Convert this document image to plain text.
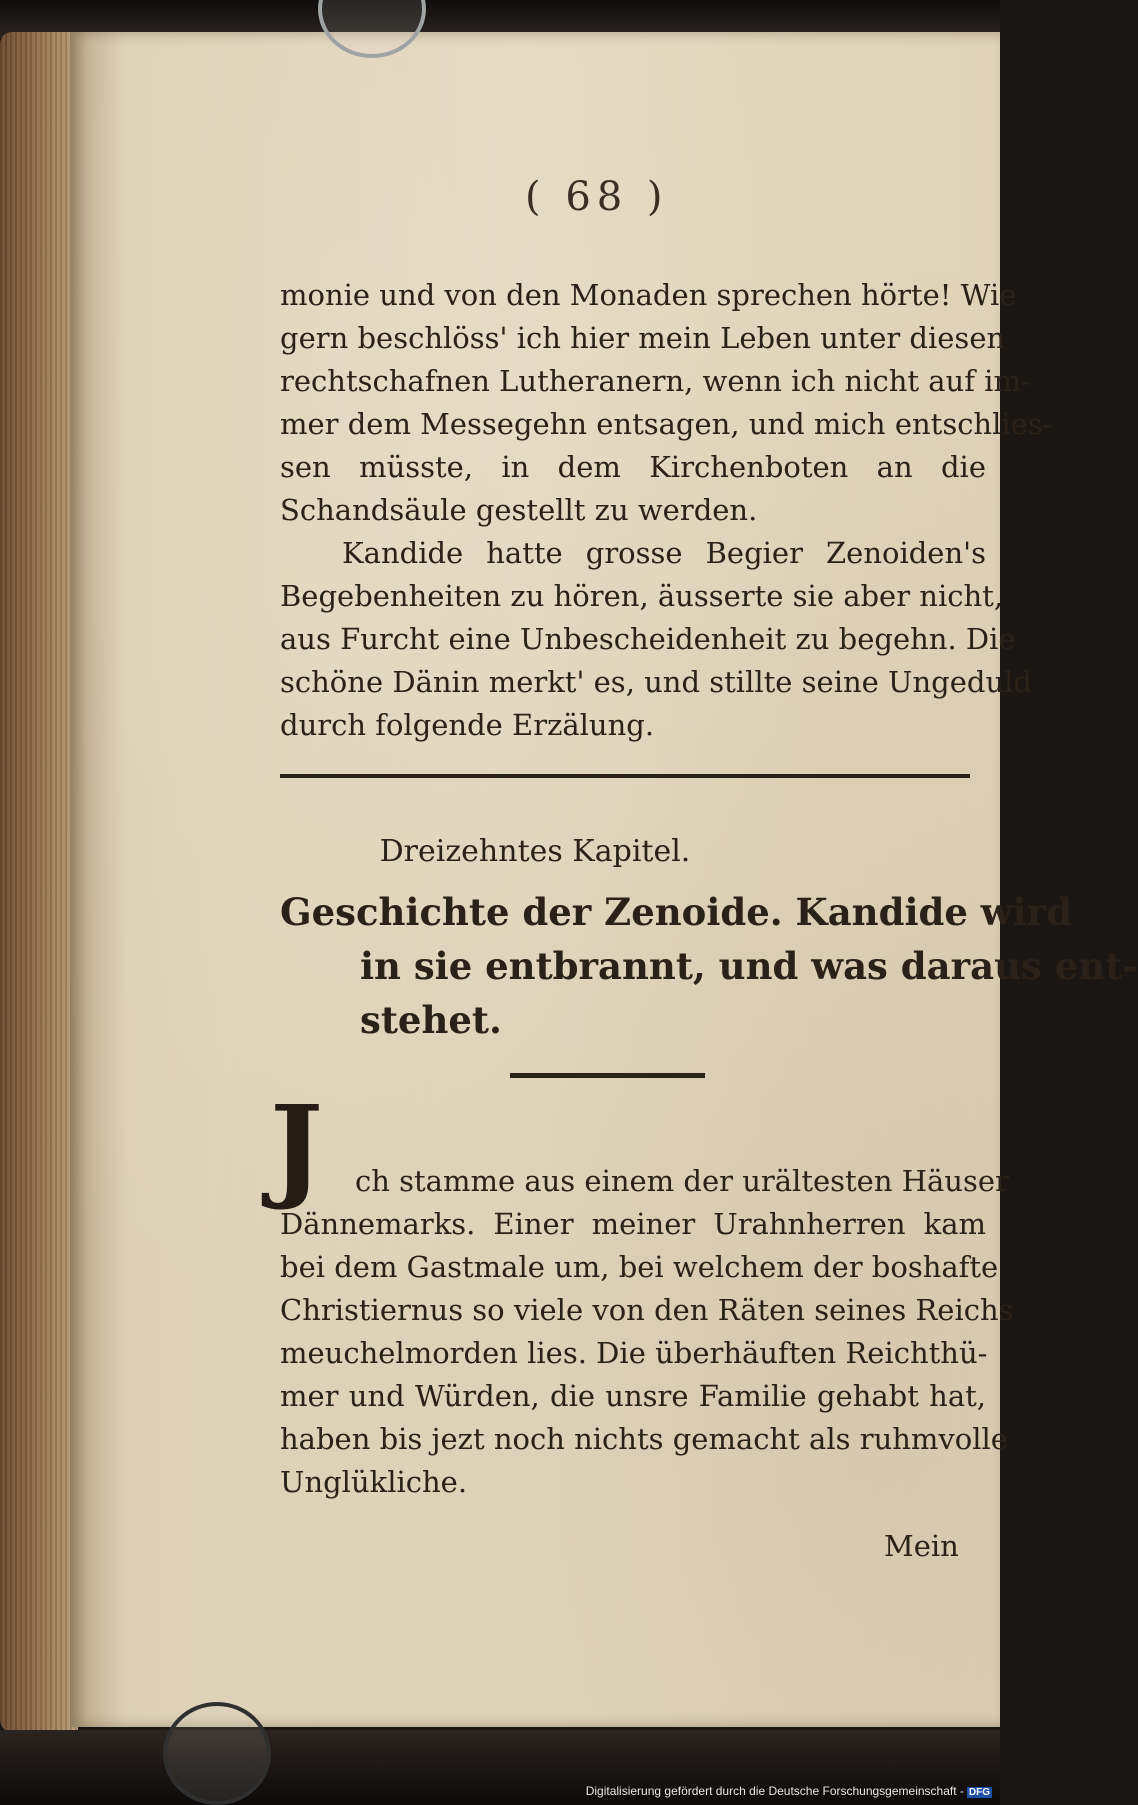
( 68 )
monie und von den Monaden sprechen hörte! Wie
gern beschlöss' ich hier mein Leben unter diesen
rechtschafnen Lutheranern, wenn ich nicht auf im-
mer dem Messegehn entsagen, und mich entschlies-
sen müsste, in dem Kirchenboten an die
Schandsäule gestellt zu werden.
Kandide hatte grosse Begier Zenoiden's
Begebenheiten zu hören, äusserte sie aber nicht,
aus Furcht eine Unbescheidenheit zu begehn. Die
schöne Dänin merkt' es, und stillte seine Ungeduld
durch folgende Erzälung.
Dreizehntes Kapitel.
Geschichte der Zenoide. Kandide wird
in sie entbrannt, und was daraus ent-
stehet.
J ch stamme aus einem der urältesten Häuser
Dännemarks. Einer meiner Urahnherren kam
bei dem Gastmale um, bei welchem der boshafte
Christiernus so viele von den Räten seines Reichs
meuchelmorden lies. Die überhäuften Reichthü-
mer und Würden, die unsre Familie gehabt hat,
haben bis jezt noch nichts gemacht als ruhmvolle
Unglükliche.
Mein
Digitalisierung gefördert durch die Deutsche Forschungsgemeinschaft - DFG
